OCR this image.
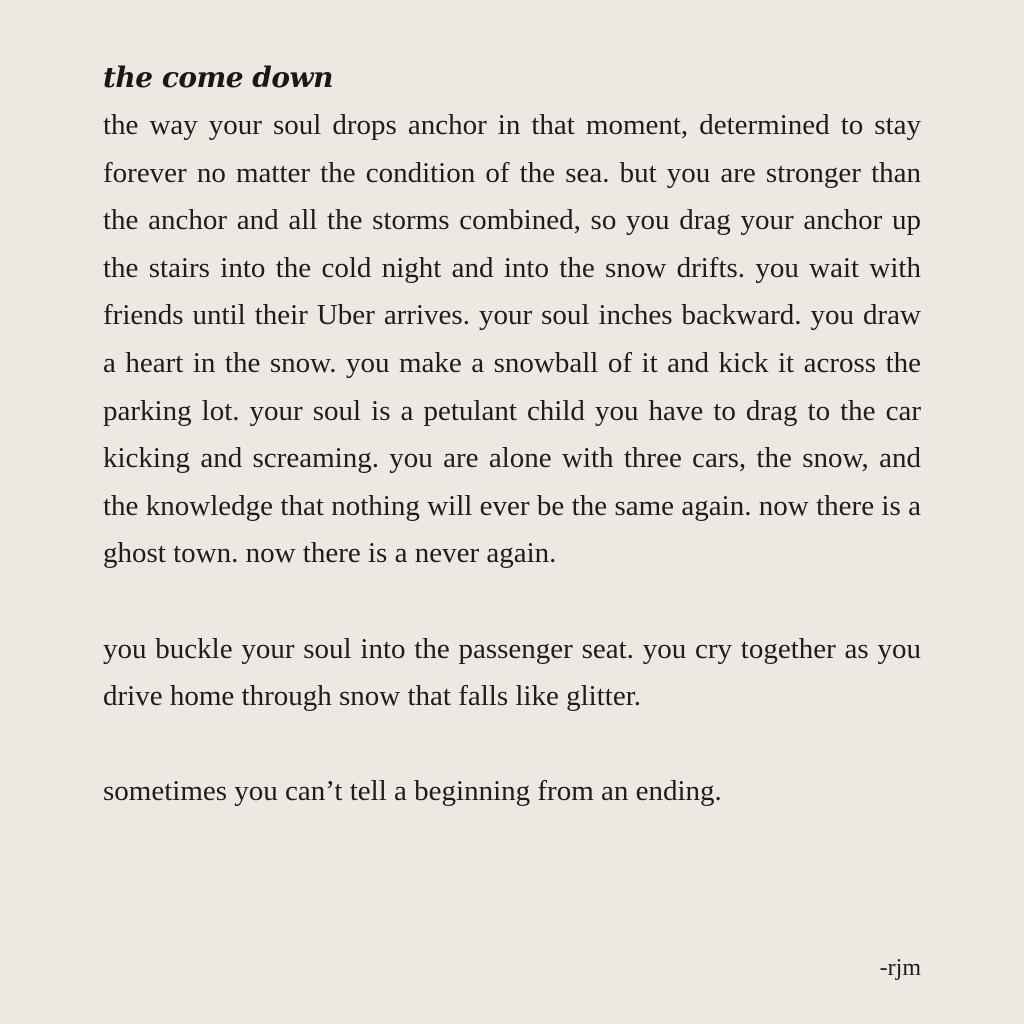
the come down

the way your soul drops anchor in that moment, determined to stay forever no matter the condition of the sea. but you are stronger than the anchor and all the storms combined, so you drag your anchor up the stairs into the cold night and into the snow drifts. you wait with friends until their Uber arrives. your soul inches backward. you draw a heart in the snow. you make a snowball of it and kick it across the parking lot. your soul is a petulant child you have to drag to the car kicking and screaming. you are alone with three cars, the snow, and the knowledge that nothing will ever be the same again. now there is a ghost town. now there is a never again.

you buckle your soul into the passenger seat. you cry together as you drive home through snow that falls like glitter.

sometimes you can’t tell a beginning from an ending.

-rjm
